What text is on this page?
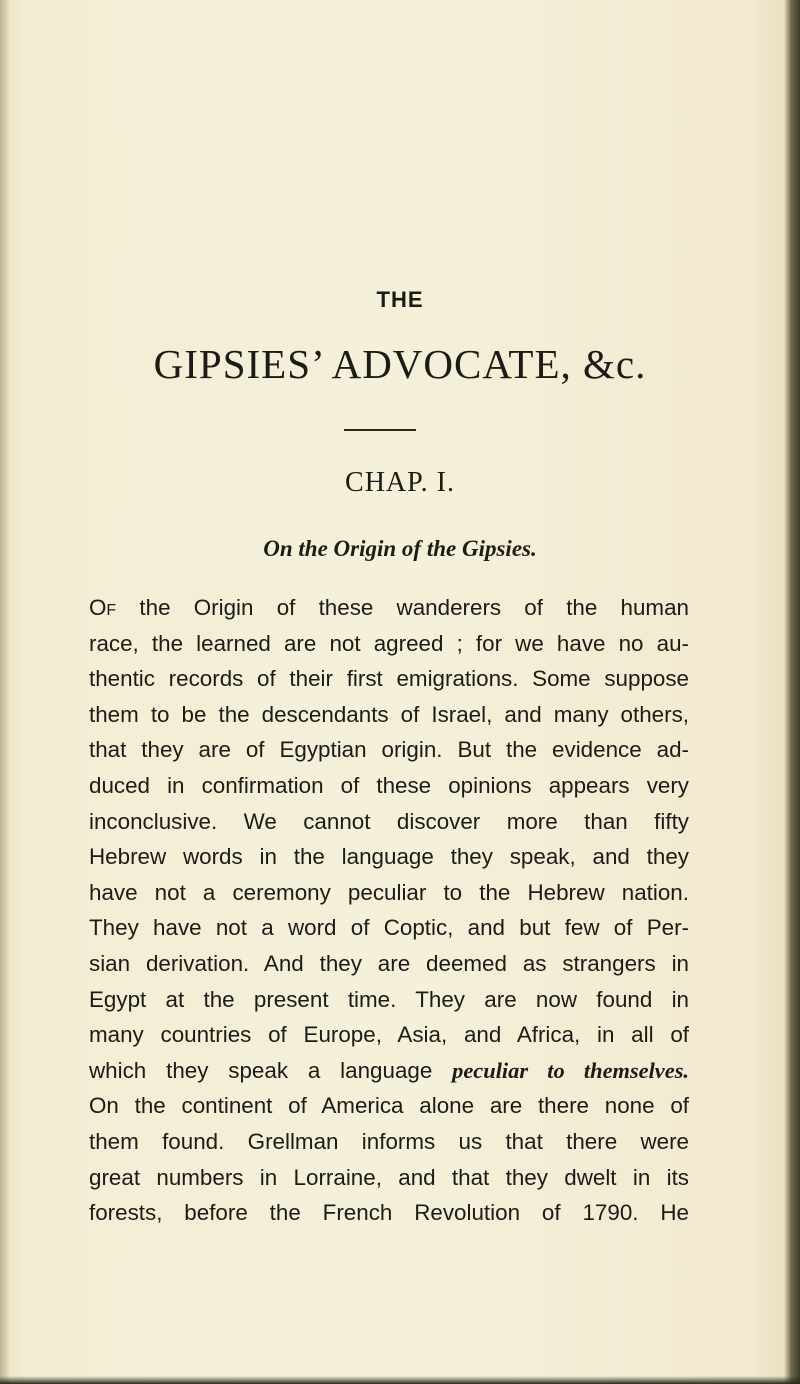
THE
GIPSIES’ ADVOCATE, &c.
CHAP. I.
On the Origin of the Gipsies.
Of the Origin of these wanderers of the human
race, the learned are not agreed ; for we have no au-
thentic records of their first emigrations. Some suppose
them to be the descendants of Israel, and many others,
that they are of Egyptian origin. But the evidence ad-
duced in confirmation of these opinions appears very
inconclusive. We cannot discover more than fifty
Hebrew words in the language they speak, and they
have not a ceremony peculiar to the Hebrew nation.
They have not a word of Coptic, and but few of Per-
sian derivation. And they are deemed as strangers in
Egypt at the present time. They are now found in
many countries of Europe, Asia, and Africa, in all of
which they speak a language peculiar to themselves.
On the continent of America alone are there none of
them found. Grellman informs us that there were
great numbers in Lorraine, and that they dwelt in its
forests, before the French Revolution of 1790. He
